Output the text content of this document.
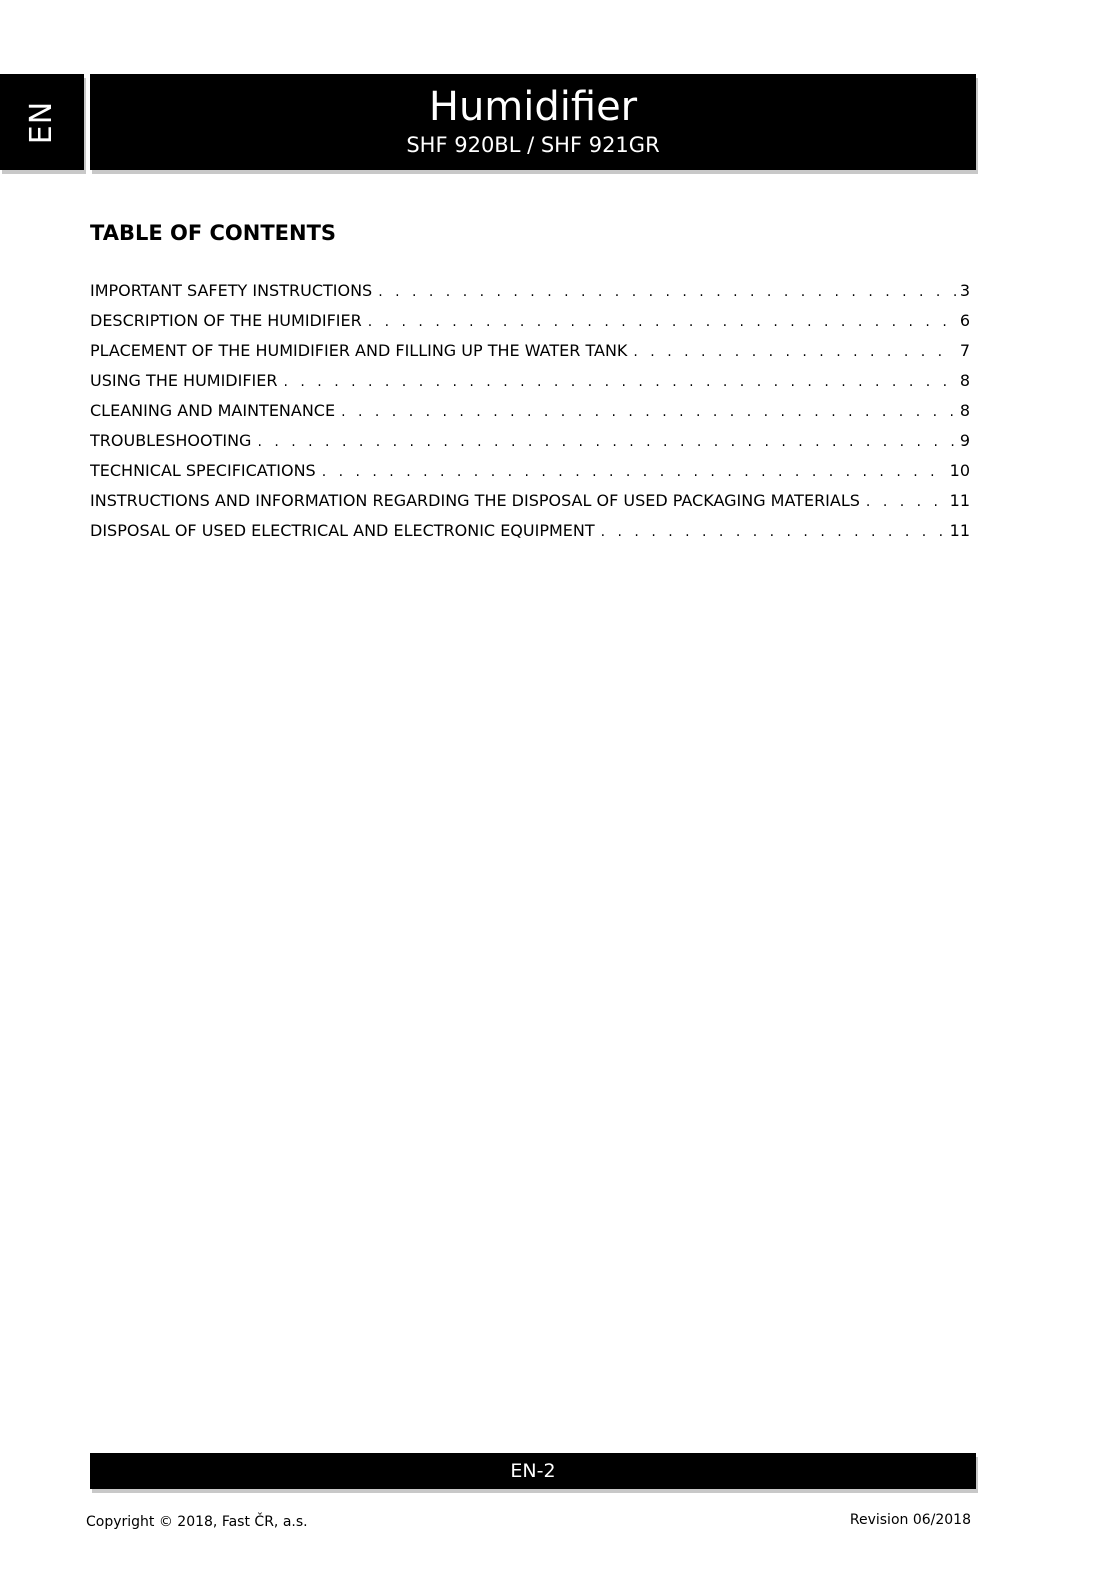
EN	Humidifier
SHF 920BL / SHF 921GR
TABLE OF CONTENTS
IMPORTANT SAFETY INSTRUCTIONS . . .	3
DESCRIPTION OF THE HUMIDIFIER . . .	6
PLACEMENT OF THE HUMIDIFIER AND FILLING UP THE WATER TANK . . .	7
USING THE HUMIDIFIER . . .	8
CLEANING AND MAINTENANCE . . .	8
TROUBLESHOOTING . . .	9
TECHNICAL SPECIFICATIONS . . .	10
INSTRUCTIONS AND INFORMATION REGARDING THE DISPOSAL OF USED PACKAGING MATERIALS . . .	11
DISPOSAL OF USED ELECTRICAL AND ELECTRONIC EQUIPMENT . . .	11
EN-2
Copyright © 2018, Fast ČR, a.s.	Revision 06/2018
